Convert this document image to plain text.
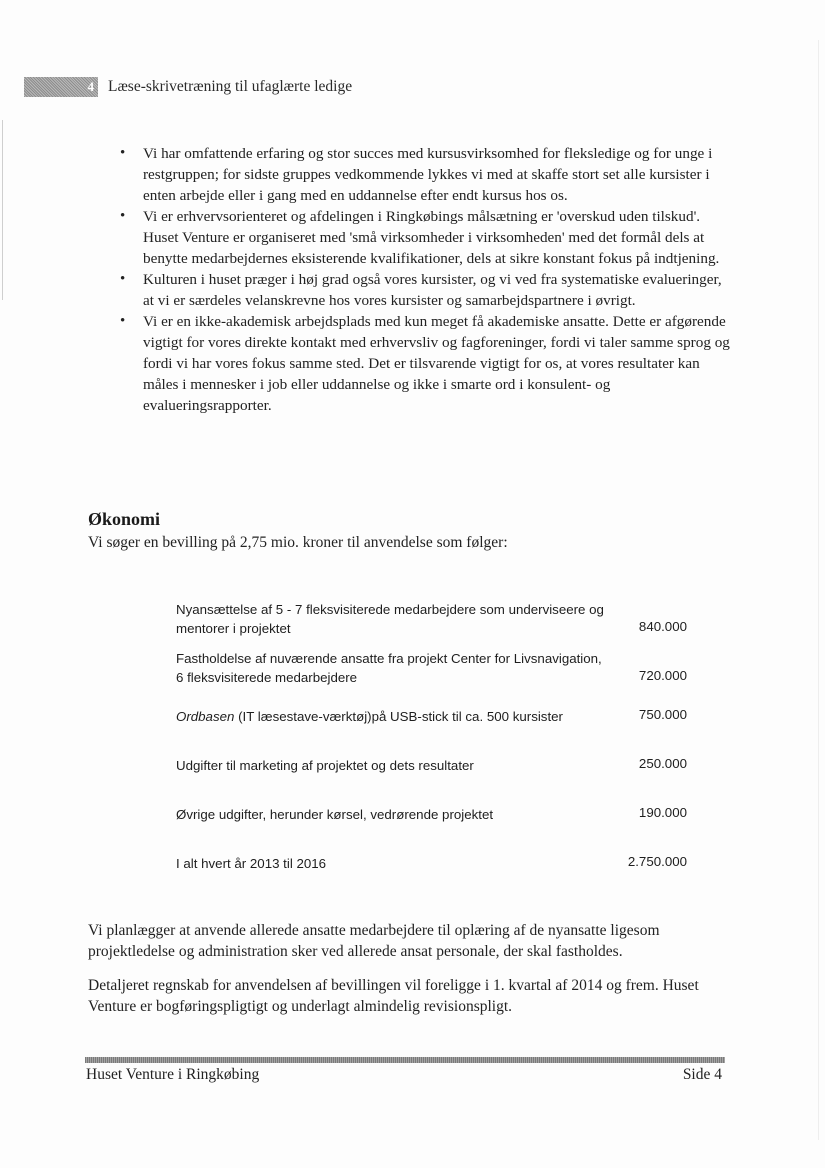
4 Læse-skrivetræning til ufaglærte ledige
• Vi har omfattende erfaring og stor succes med kursusvirksomhed for fleksledige og for unge i restgruppen; for sidste gruppes vedkommende lykkes vi med at skaffe stort set alle kursister i enten arbejde eller i gang med en uddannelse efter endt kursus hos os.
• Vi er erhvervsorienteret og afdelingen i Ringkøbings målsætning er 'overskud uden tilskud'. Huset Venture er organiseret med 'små virksomheder i virksomheden' med det formål dels at benytte medarbejdernes eksisterende kvalifikationer, dels at sikre konstant fokus på indtjening.
• Kulturen i huset præger i høj grad også vores kursister, og vi ved fra systematiske evalueringer, at vi er særdeles velanskrevne hos vores kursister og samarbejdspartnere i øvrigt.
• Vi er en ikke-akademisk arbejdsplads med kun meget få akademiske ansatte. Dette er afgørende vigtigt for vores direkte kontakt med erhvervsliv og fagforeninger, fordi vi taler samme sprog og fordi vi har vores fokus samme sted. Det er tilsvarende vigtigt for os, at vores resultater kan måles i mennesker i job eller uddannelse og ikke i smarte ord i konsulent- og evalueringsrapporter.
Økonomi

Vi søger en bevilling på 2,75 mio. kroner til anvendelse som følger:

Nyansættelse af 5 - 7 fleksvisiterede medarbejdere som underviseere og mentorer i projektet	840.000
Fastholdelse af nuværende ansatte fra projekt Center for Livsnavigation, 6 fleksvisiterede medarbejdere	720.000
Ordbasen (IT læsestave-værktøj)på USB-stick til ca. 500 kursister	750.000
Udgifter til marketing af projektet og dets resultater	250.000
Øvrige udgifter, herunder kørsel, vedrørende projektet	190.000
I alt hvert år 2013 til 2016	2.750.000

Vi planlægger at anvende allerede ansatte medarbejdere til oplæring af de nyansatte ligesom projektledelse og administration sker ved allerede ansat personale, der skal fastholdes.

Detaljeret regnskab for anvendelsen af bevillingen vil foreligge i 1. kvartal af 2014 og frem. Huset Venture er bogføringspligtigt og underlagt almindelig revisionspligt.

Huset Venture i Ringkøbing	Side 4
